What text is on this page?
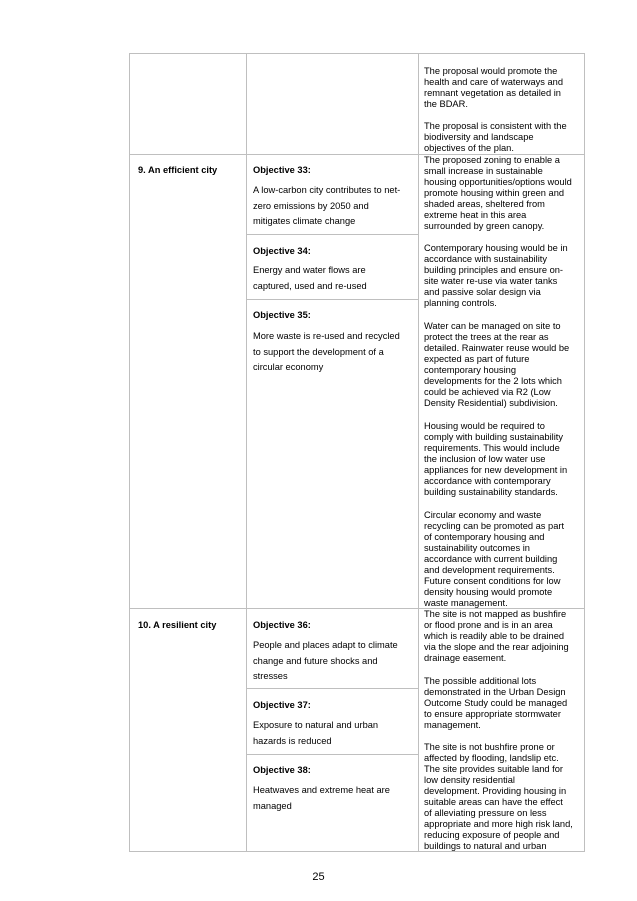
The proposal would promote the
health and care of waterways and
remnant vegetation as detailed in
the BDAR.
The proposal is consistent with the
biodiversity and landscape
objectives of the plan.
9. An efficient city	Objective 33:
A low-carbon city contributes to net-
zero emissions by 2050 and
mitigates climate change
Objective 34:
Energy and water flows are
captured, used and re-used
Objective 35:
More waste is re-used and recycled
to support the development of a
circular economy
The proposed zoning to enable a
small increase in sustainable
housing opportunities/options would
promote housing within green and
shaded areas, sheltered from
extreme heat in this area
surrounded by green canopy.
Contemporary housing would be in
accordance with sustainability
building principles and ensure on-
site water re-use via water tanks
and passive solar design via
planning controls.
Water can be managed on site to
protect the trees at the rear as
detailed. Rainwater reuse would be
expected as part of future
contemporary housing
developments for the 2 lots which
could be achieved via R2 (Low
Density Residential) subdivision.
Housing would be required to
comply with building sustainability
requirements. This would include
the inclusion of low water use
appliances for new development in
accordance with contemporary
building sustainability standards.
Circular economy and waste
recycling can be promoted as part
of contemporary housing and
sustainability outcomes in
accordance with current building
and development requirements.
Future consent conditions for low
density housing would promote
waste management.
10. A resilient city	Objective 36:
People and places adapt to climate
change and future shocks and
stresses
Objective 37:
Exposure to natural and urban
hazards is reduced
Objective 38:
Heatwaves and extreme heat are
managed
The site is not mapped as bushfire
or flood prone and is in an area
which is readily able to be drained
via the slope and the rear adjoining
drainage easement.
The possible additional lots
demonstrated in the Urban Design
Outcome Study could be managed
to ensure appropriate stormwater
management.
The site is not bushfire prone or
affected by flooding, landslip etc.
The site provides suitable land for
low density residential
development. Providing housing in
suitable areas can have the effect
of alleviating pressure on less
appropriate and more high risk land,
reducing exposure of people and
buildings to natural and urban
25
